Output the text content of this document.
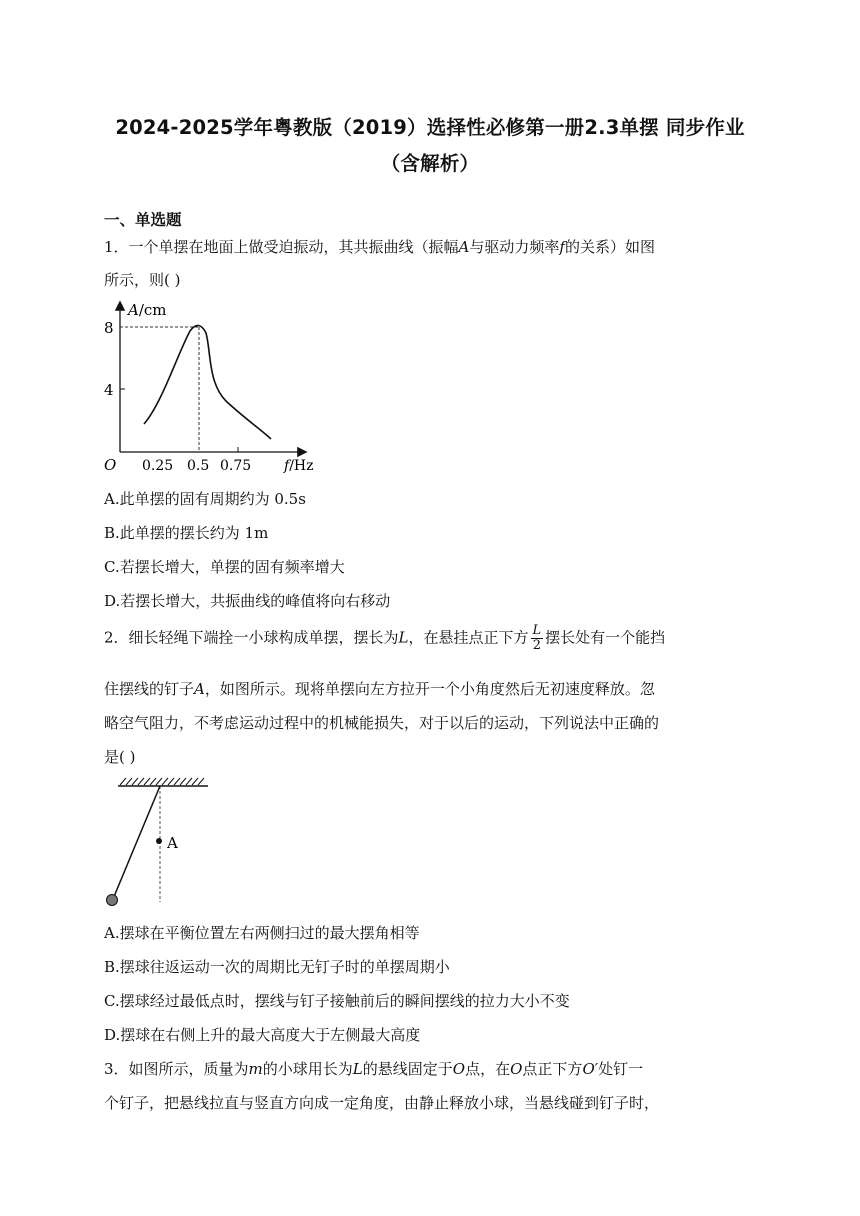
2024-2025学年粤教版（2019）选择性必修第一册2.3单摆 同步作业
（含解析）
一、单选题
1．一个单摆在地面上做受迫振动，其共振曲线（振幅A与驱动力频率f的关系）如图
所示，则( )
A/cm
8
4
O 0.25 0.5 0.75 f/Hz
A.此单摆的固有周期约为 0.5s
B.此单摆的摆长约为 1m
C.若摆长增大，单摆的固有频率增大
D.若摆长增大，共振曲线的峰值将向右移动
2．细长轻绳下端拴一小球构成单摆，摆长为L，在悬挂点正下方 $\frac{L}{2}$ 摆长处有一个能挡
住摆线的钉子A，如图所示。现将单摆向左方拉开一个小角度然后无初速度释放。忽
略空气阻力，不考虑运动过程中的机械能损失，对于以后的运动，下列说法中正确的
是( )
A
A.摆球在平衡位置左右两侧扫过的最大摆角相等
B.摆球往返运动一次的周期比无钉子时的单摆周期小
C.摆球经过最低点时，摆线与钉子接触前后的瞬间摆线的拉力大小不变
D.摆球在右侧上升的最大高度大于左侧最大高度
3．如图所示，质量为m的小球用长为L的悬线固定于O点，在O点正下方O′处钉一
个钉子，把悬线拉直与竖直方向成一定角度，由静止释放小球，当悬线碰到钉子时，
